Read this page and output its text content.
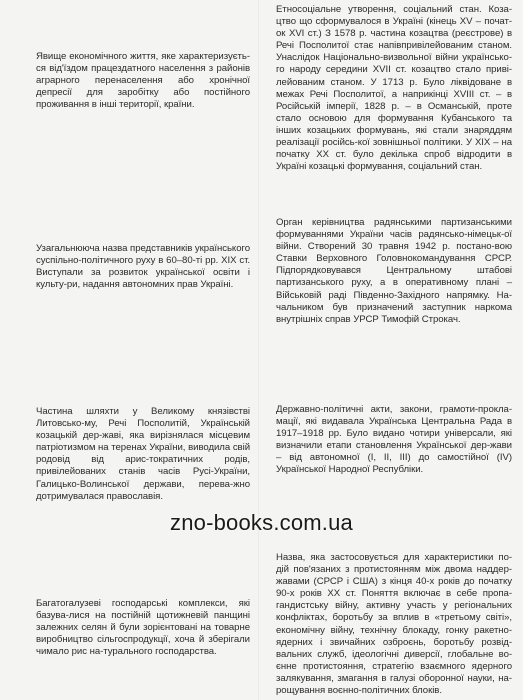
Явище економічного життя, яке характеризуєть-ся від'їздом працездатного населення з районів аграрного перенаселення або хронічної депресії для заробітку або постійного проживання в інші території, країни.

Узагальнююча назва представників українського суспільно-політичного руху в 60–80-ті рр. XIX ст. Виступали за розвиток української освіти і культу-ри, надання автономних прав Україні.

Частина шляхти у Великому князівстві Литовсько-му, Речі Посполитій, Українській козацькій дер-жаві, яка вирізнялася місцевим патріотизмом на теренах України, виводила свій родовід від арис-тократичних родів, привілейованих станів часів Русі-України, Галицько-Волинської держави, перева-жно дотримувалася православія.

Багатогалузеві господарські комплекси, які базува-лися на постійній щотижневій панщині залежних селян й були зорієнтовані на товарне виробництво сільгоспродукції, хоча й зберігали чимало рис на-турального господарства.

Етносоціальне утворення, соціальний стан. Коза-цтво що сформувалося в Україні (кінець XV – почат-ок XVI ст.) З 1578 р. частина козацтва (реєстрове) в Речі Посполитої стає напівпривілейованим станом. Унаслідок Національно-визвольної війни українсько-го народу середини XVII ст. козацтво стало приві-лейованим станом. У 1713 р. Було ліквідоване в межах Речі Посполитої, а наприкінці XVIII ст. – в Російській імперії, 1828 р. – в Османській, проте стало основою для формування Кубанського та інших козацьких формувань, які стали знаряддям реалізації російсь-кої зовнішньої політики. У XIX – на початку XX ст. було декілька спроб відродити в Україні козацькі формування, соціальний стан.

Орган керівництва радянськими партизанськими формуваннями України часів радянсько-німецьк-ої війни. Створений 30 травня 1942 р. постано-вою Ставки Верховного Головнокомандування СРСР. Підпорядковувався Центральному штабові партизанського руху, а в оперативному плані – Військовій раді Південно-Західного напрямку. На-чальником був призначений заступник наркома внутрішніх справ УРСР Тимофій Строкач.

Державно-політичні акти, закони, грамоти-прокла-мації, які видавала Українська Центральна Рада в 1917–1918 рр. Було видано чотири універсали, які визначили етапи становлення Української дер-жави – від автономної (I, II, III) до самостійної (IV) Української Народної Республіки.

Назва, яка застосовується для характеристики по-дій пов'язаних з протистоянням між двома наддер-жавами (СРСР і США) з кінця 40-х років до початку 90-х років XX ст. Поняття включає в себе пропа-гандистську війну, активну участь у регіональних конфліктах, боротьбу за вплив в «третьому світі», економічну війну, технічну блокаду, гонку ракетно-ядерних і звичайних озброєнь, боротьбу розвід-вальних служб, ідеологічні диверсії, глобальне во-єнне протистояння, стратегію взаємного ядерного залякування, змагання в галузі оборонної науки, на-рощування воєнно-політичних блоків.

zno-books.com.ua
